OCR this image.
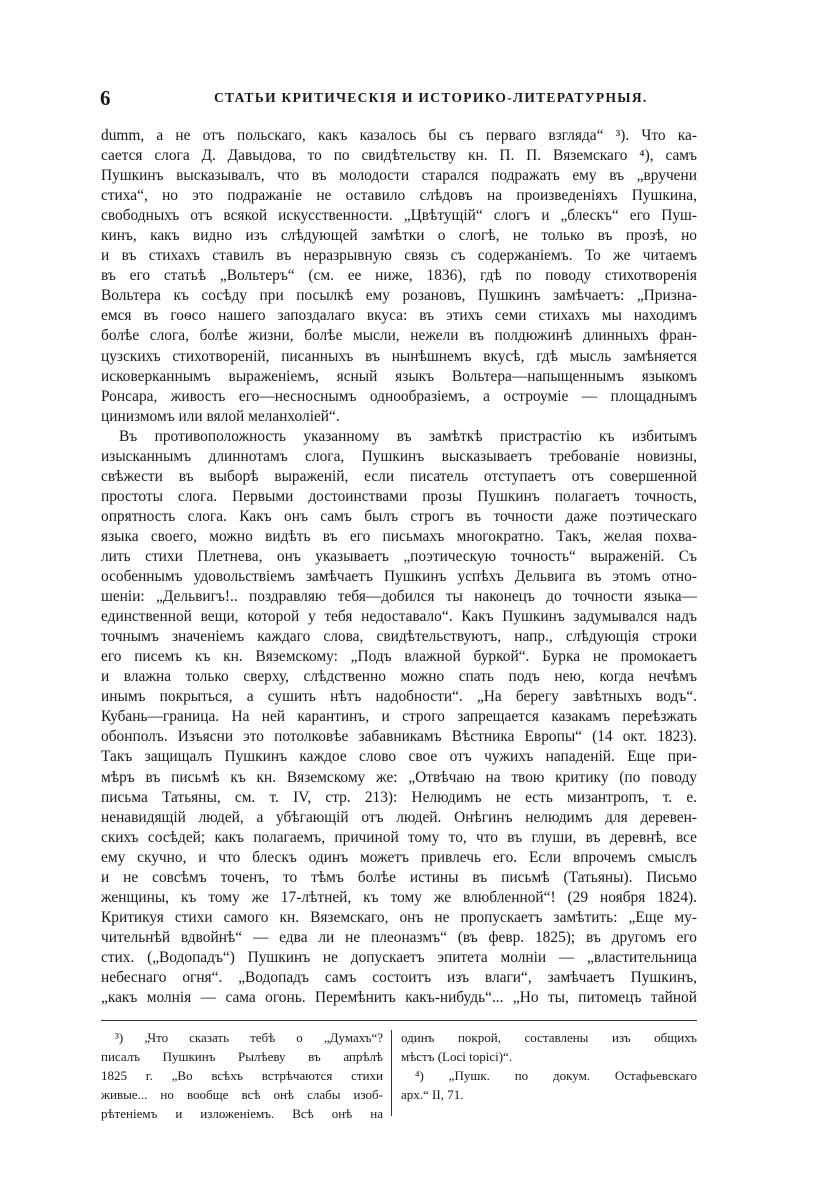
6	СТАТЬИ КРИТИЧЕСКІЯ И ИСТОРИКО-ЛИТЕРАТУРНЫЯ.
dumm, а не отъ польскаго, какъ казалось бы съ перваго взгляда“ ³). Что ка-
сается слога Д. Давыдова, то по свидѣтельству кн. П. П. Вяземскаго ⁴), самъ
Пушкинъ высказывалъ, что въ молодости старался подражать ему въ „вручени
стиха“, но это подражаніе не оставило слѣдовъ на произведеніяхъ Пушкина,
свободныхъ отъ всякой искусственности. „Цвѣтущій“ слогъ и „блескъ“ его Пуш-
кинъ, какъ видно изъ слѣдующей замѣтки о слогѣ, не только въ прозѣ, но
и въ стихахъ ставилъ въ неразрывную связь съ содержаніемъ. То же читаемъ
въ его статьѣ „Вольтеръ“ (см. ее ниже, 1836), гдѣ по поводу стихотворенія
Вольтера къ сосѣду при посылкѣ ему розановъ, Пушкинъ замѣчаетъ: „Призна-
емся въ гоѳсо нашего запоздалаго вкуса: въ этихъ семи стихахъ мы находимъ
болѣе слога, болѣе жизни, болѣе мысли, нежели въ полдюжинѣ длинныхъ фран-
цузскихъ стихотвореній, писанныхъ въ нынѣшнемъ вкусѣ, гдѣ мысль замѣняется
исковерканнымъ выраженіемъ, ясный языкъ Вольтера—напыщеннымъ языкомъ
Ронсара, живость его—несноснымъ однообразіемъ, а остроуміе — площаднымъ
цинизмомъ или вялой меланхоліей“.
Въ противоположность указанному въ замѣткѣ пристрастію къ избитымъ
изысканнымъ длиннотамъ слога, Пушкинъ высказываетъ требованіе новизны,
свѣжести въ выборѣ выраженій, если писатель отступаетъ отъ совершенной
простоты слога. Первыми достоинствами прозы Пушкинъ полагаетъ точность,
опрятность слога. Какъ онъ самъ былъ строгъ въ точности даже поэтическаго
языка своего, можно видѣть въ его письмахъ многократно. Такъ, желая похва-
лить стихи Плетнева, онъ указываетъ „поэтическую точность“ выраженій. Съ
особеннымъ удовольствіемъ замѣчаетъ Пушкинъ успѣхъ Дельвига въ этомъ отно-
шеніи: „Дельвигъ!.. поздравляю тебя—добился ты наконецъ до точности языка—
единственной вещи, которой у тебя недоставало“. Какъ Пушкинъ задумывался надъ
точнымъ значеніемъ каждаго слова, свидѣтельствуютъ, напр., слѣдующія строки
его писемъ къ кн. Вяземскому: „Подъ влажной буркой“. Бурка не промокаетъ
и влажна только сверху, слѣдственно можно спать подъ нею, когда нечѣмъ
инымъ покрыться, а сушить нѣтъ надобности“. „На берегу завѣтныхъ водъ“.
Кубань—граница. На ней карантинъ, и строго запрещается казакамъ переѣзжать
обонполъ. Изъясни это потолковѣе забавникамъ Вѣстника Европы“ (14 окт. 1823).
Такъ защищалъ Пушкинъ каждое слово свое отъ чужихъ нападеній. Еще при-
мѣръ въ письмѣ къ кн. Вяземскому же: „Отвѣчаю на твою критику (по поводу
письма Татьяны, см. т. IV, стр. 213): Нелюдимъ не есть мизантропъ, т. е.
ненавидящій людей, а убѣгающій отъ людей. Онѣгинъ нелюдимъ для деревен-
скихъ сосѣдей; какъ полагаемъ, причиной тому то, что въ глуши, въ деревнѣ, все
ему скучно, и что блескъ одинъ можетъ привлечь его. Если впрочемъ смыслъ
и не совсѣмъ точенъ, то тѣмъ болѣе истины въ письмѣ (Татьяны). Письмо
женщины, къ тому же 17-лѣтней, къ тому же влюбленной“! (29 ноября 1824).
Критикуя стихи самого кн. Вяземскаго, онъ не пропускаетъ замѣтить: „Еще му-
чительнѣй вдвойнѣ“ — едва ли не плеоназмъ“ (въ февр. 1825); въ другомъ его
стих. („Водопадъ“) Пушкинъ не допускаетъ эпитета молніи — „властительница
небеснаго огня“. „Водопадъ самъ состоитъ изъ влаги“, замѣчаетъ Пушкинъ,
„какъ молнія — сама огонь. Перемѣнить какъ-нибудь“... „Но ты, питомецъ тайной
³) „Что сказать тебѣ о „Думахъ“?
писалъ Пушкинъ Рылѣеву въ апрѣлѣ
1825 г. „Во всѣхъ встрѣчаются стихи
живые... но вообще всѣ онѣ слабы изоб-
рѣтеніемъ и изложеніемъ. Всѣ онѣ на
одинъ покрой, составлены изъ общихъ
мѣстъ (Loci topici)“.
⁴) „Пушк. по докум. Остафьевскаго
арх.“ II, 71.
